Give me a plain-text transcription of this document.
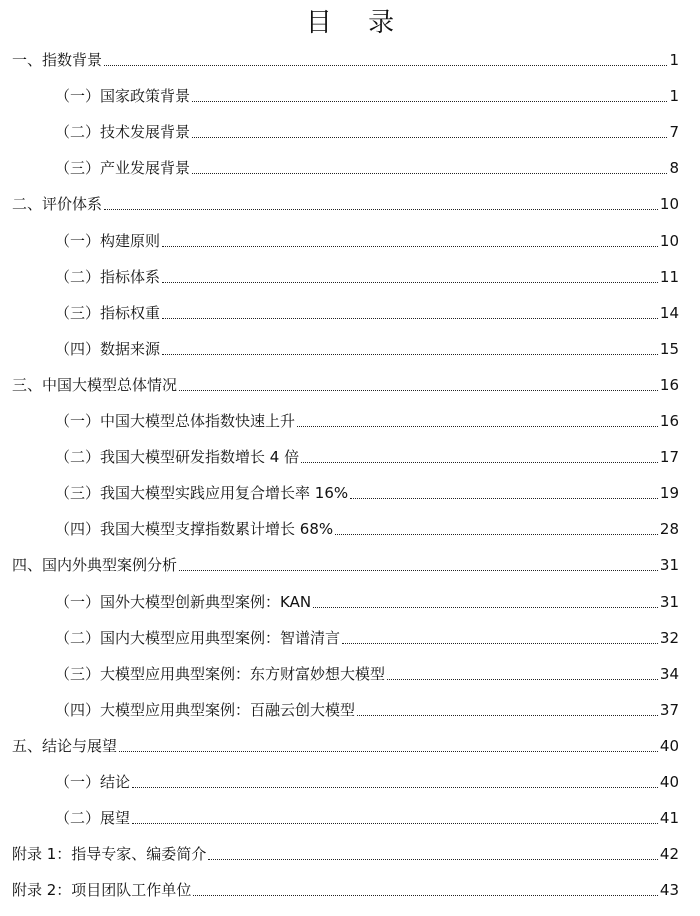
目 录
一、指数背景	1
（一）国家政策背景	1
（二）技术发展背景	7
（三）产业发展背景	8
二、评价体系	10
（一）构建原则	10
（二）指标体系	11
（三）指标权重	14
（四）数据来源	15
三、中国大模型总体情况	16
（一）中国大模型总体指数快速上升	16
（二）我国大模型研发指数增长 4 倍	17
（三）我国大模型实践应用复合增长率 16%	19
（四）我国大模型支撑指数累计增长 68%	28
四、国内外典型案例分析	31
（一）国外大模型创新典型案例：KAN	31
（二）国内大模型应用典型案例：智谱清言	32
（三）大模型应用典型案例：东方财富妙想大模型	34
（四）大模型应用典型案例：百融云创大模型	37
五、结论与展望	40
（一）结论	40
（二）展望	41
附录 1：指导专家、编委简介	42
附录 2：项目团队工作单位	43
